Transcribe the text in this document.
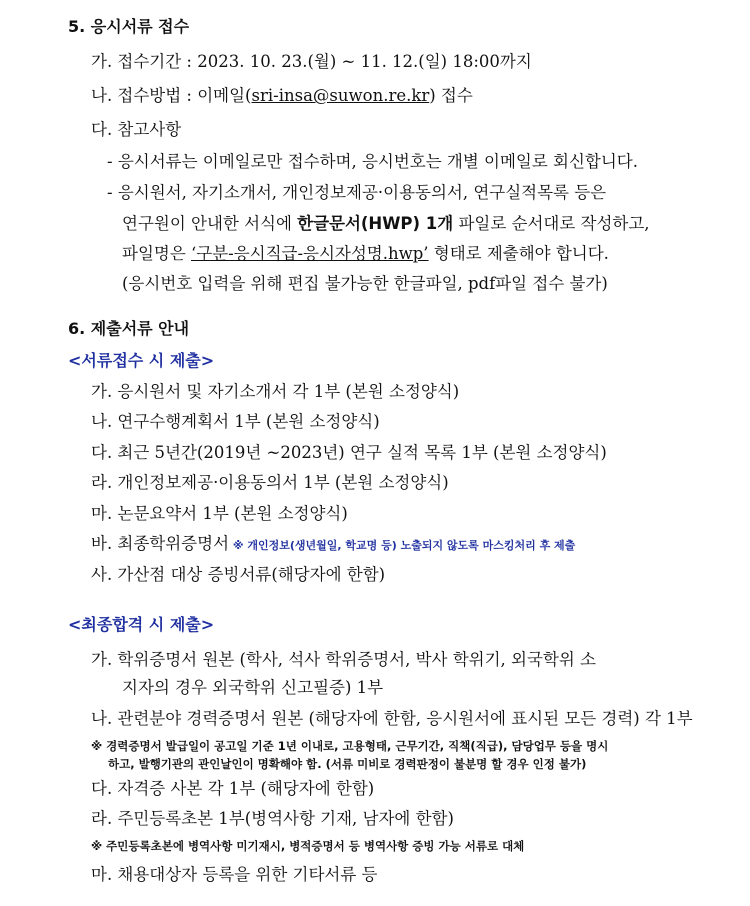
5. 응시서류 접수
가. 접수기간 : 2023. 10. 23.(월) ~ 11. 12.(일) 18:00까지
나. 접수방법 : 이메일(sri-insa@suwon.re.kr) 접수
다. 참고사항
- 응시서류는 이메일로만 접수하며, 응시번호는 개별 이메일로 회신합니다.
- 응시원서, 자기소개서, 개인정보제공·이용동의서, 연구실적목록 등은
연구원이 안내한 서식에 한글문서(HWP) 1개 파일로 순서대로 작성하고,
파일명은 ‘구분-응시직급-응시자성명.hwp’ 형태로 제출해야 합니다.
(응시번호 입력을 위해 편집 불가능한 한글파일, pdf파일 접수 불가)
6. 제출서류 안내
<서류접수 시 제출>
가. 응시원서 및 자기소개서 각 1부 (본원 소정양식)
나. 연구수행계획서 1부 (본원 소정양식)
다. 최근 5년간(2019년 ~2023년) 연구 실적 목록 1부 (본원 소정양식)
라. 개인정보제공·이용동의서 1부 (본원 소정양식)
마. 논문요약서 1부 (본원 소정양식)
바. 최종학위증명서 ※ 개인정보(생년월일, 학교명 등) 노출되지 않도록 마스킹처리 후 제출
사. 가산점 대상 증빙서류(해당자에 한함)
<최종합격 시 제출>
가. 학위증명서 원본 (학사, 석사 학위증명서, 박사 학위기, 외국학위 소
지자의 경우 외국학위 신고필증) 1부
나. 관련분야 경력증명서 원본 (해당자에 한함, 응시원서에 표시된 모든 경력) 각 1부
※ 경력증명서 발급일이 공고일 기준 1년 이내로, 고용형태, 근무기간, 직책(직급), 담당업무 등을 명시
하고, 발행기관의 관인날인이 명확해야 함. (서류 미비로 경력판정이 불분명 할 경우 인정 불가)
다. 자격증 사본 각 1부 (해당자에 한함)
라. 주민등록초본 1부(병역사항 기재, 남자에 한함)
※ 주민등록초본에 병역사항 미기재시, 병적증명서 등 병역사항 증빙 가능 서류로 대체
마. 채용대상자 등록을 위한 기타서류 등
